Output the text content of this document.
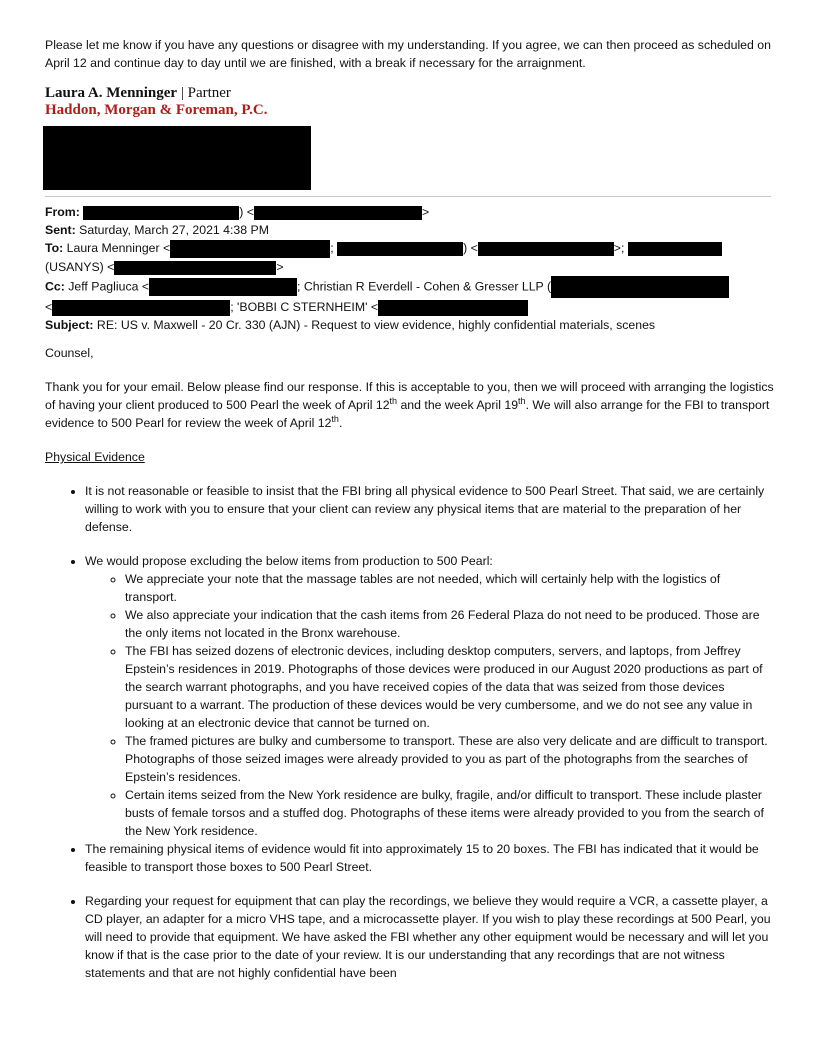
Please let me know if you have any questions or disagree with my understanding. If you agree, we can then proceed as scheduled on April 12 and continue day to day until we are finished, with a break if necessary for the arraignment.

Laura A. Menninger | Partner
Haddon, Morgan & Foreman, P.C.
From:	) <	>
Sent: Saturday, March 27, 2021 4:38 PM
To: Laura Menninger <	;	) <	>;
(USANYS) <	>
Cc: Jeff Pagliuca <	; Christian R Everdell - Cohen & Gresser LLP (
<	; 'BOBBI C STERNHEIM' <
Subject: RE: US v. Maxwell - 20 Cr. 330 (AJN) - Request to view evidence, highly confidential materials, scenes

Counsel,

Thank you for your email. Below please find our response. If this is acceptable to you, then we will proceed with arranging the logistics of having your client produced to 500 Pearl the week of April 12th and the week April 19th. We will also arrange for the FBI to transport evidence to 500 Pearl for review the week of April 12th.

Physical Evidence

• It is not reasonable or feasible to insist that the FBI bring all physical evidence to 500 Pearl Street. That said, we are certainly willing to work with you to ensure that your client can review any physical items that are material to the preparation of her defense.
• We would propose excluding the below items from production to 500 Pearl:
◦ We appreciate your note that the massage tables are not needed, which will certainly help with the logistics of transport.
◦ We also appreciate your indication that the cash items from 26 Federal Plaza do not need to be produced. Those are the only items not located in the Bronx warehouse.
◦ The FBI has seized dozens of electronic devices, including desktop computers, servers, and laptops, from Jeffrey Epstein’s residences in 2019. Photographs of those devices were produced in our August 2020 productions as part of the search warrant photographs, and you have received copies of the data that was seized from those devices pursuant to a warrant. The production of these devices would be very cumbersome, and we do not see any value in looking at an electronic device that cannot be turned on.
◦ The framed pictures are bulky and cumbersome to transport. These are also very delicate and are difficult to transport. Photographs of those seized images were already provided to you as part of the photographs from the searches of Epstein’s residences.
◦ Certain items seized from the New York residence are bulky, fragile, and/or difficult to transport. These include plaster busts of female torsos and a stuffed dog. Photographs of these items were already provided to you from the search of the New York residence.
• The remaining physical items of evidence would fit into approximately 15 to 20 boxes. The FBI has indicated that it would be feasible to transport those boxes to 500 Pearl Street.
• Regarding your request for equipment that can play the recordings, we believe they would require a VCR, a cassette player, a CD player, an adapter for a micro VHS tape, and a microcassette player. If you wish to play these recordings at 500 Pearl, you will need to provide that equipment. We have asked the FBI whether any other equipment would be necessary and will let you know if that is the case prior to the date of your review. It is our understanding that any recordings that are not witness statements and that are not highly confidential have been
